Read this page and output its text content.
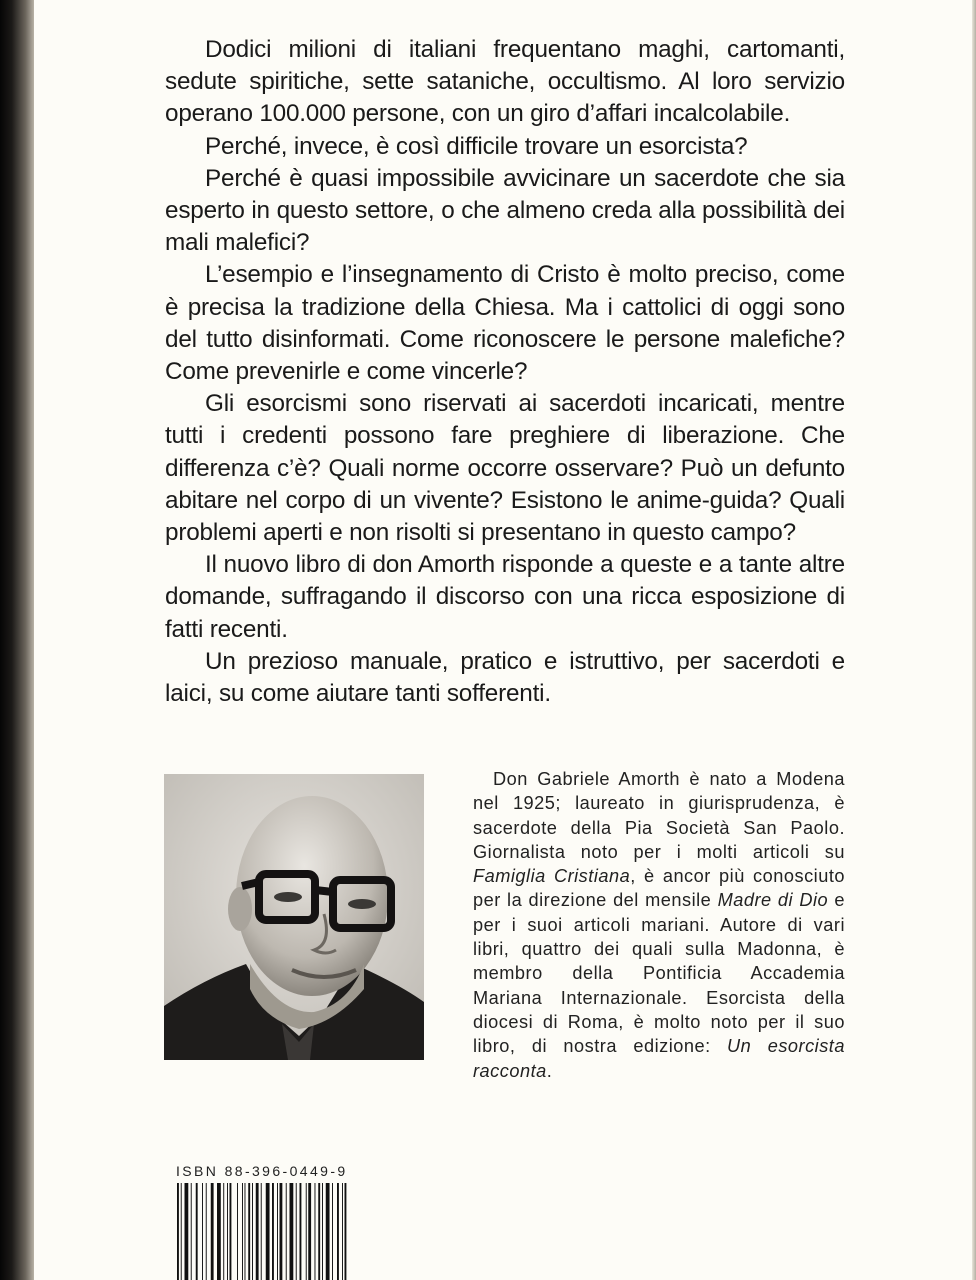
Dodici milioni di italiani frequentano maghi, cartomanti, sedute spiritiche, sette sataniche, occultismo. Al loro servizio operano 100.000 persone, con un giro d’affari incalcolabile.

Perché, invece, è così difficile trovare un esorcista?

Perché è quasi impossibile avvicinare un sacerdote che sia esperto in questo settore, o che almeno creda alla possibilità dei mali malefici?

L’esempio e l’insegnamento di Cristo è molto preciso, come è precisa la tradizione della Chiesa. Ma i cattolici di oggi sono del tutto disinformati. Come riconoscere le persone malefiche? Come prevenirle e come vincerle?

Gli esorcismi sono riservati ai sacerdoti incaricati, mentre tutti i credenti possono fare preghiere di liberazione. Che differenza c’è? Quali norme occorre osservare? Può un defunto abitare nel corpo di un vivente? Esistono le anime-guida? Quali problemi aperti e non risolti si presentano in questo campo?

Il nuovo libro di don Amorth risponde a queste e a tante altre domande, suffragando il discorso con una ricca esposizione di fatti recenti.

Un prezioso manuale, pratico e istruttivo, per sacerdoti e laici, su come aiutare tanti sofferenti.

Don Gabriele Amorth è nato a Modena nel 1925; laureato in giurisprudenza, è sacerdote della Pia Società San Paolo. Giornalista noto per i molti articoli su Famiglia Cristiana, è ancor più conosciuto per la direzione del mensile Madre di Dio e per i suoi articoli mariani. Autore di vari libri, quattro dei quali sulla Madonna, è membro della Pontificia Accademia Mariana Internazionale. Esorcista della diocesi di Roma, è molto noto per il suo libro, di nostra edizione: Un esorcista racconta.

ISBN 88-396-0449-9
